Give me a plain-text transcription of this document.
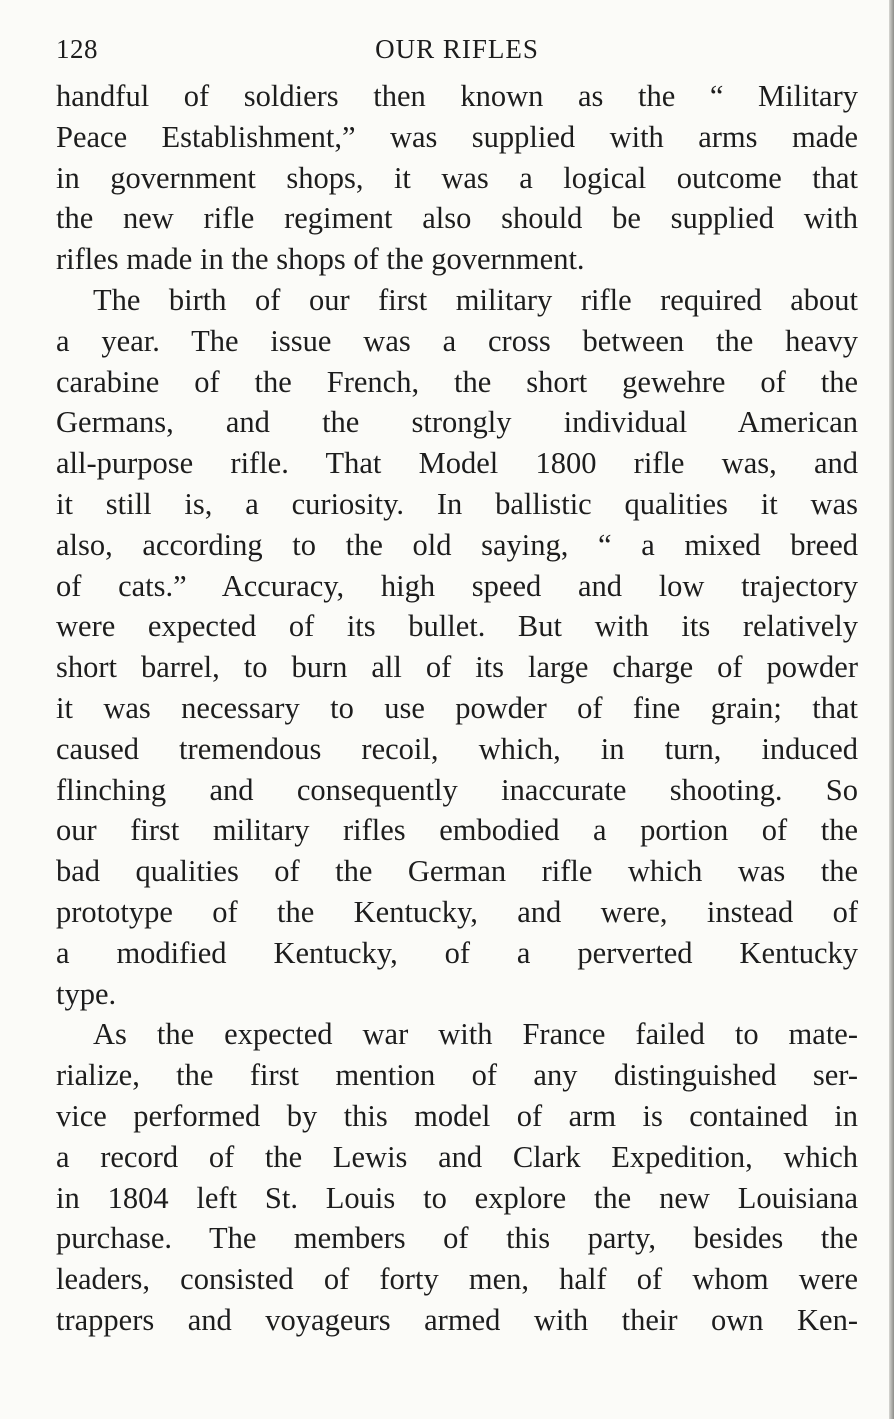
128	OUR RIFLES
handful of soldiers then known as the “ Military
Peace Establishment,” was supplied with arms made
in government shops, it was a logical outcome that
the new rifle regiment also should be supplied with
rifles made in the shops of the government.
The birth of our first military rifle required about
a year. The issue was a cross between the heavy
carabine of the French, the short gewehre of the
Germans, and the strongly individual American
all-purpose rifle. That Model 1800 rifle was, and
it still is, a curiosity. In ballistic qualities it was
also, according to the old saying, “ a mixed breed
of cats.” Accuracy, high speed and low trajectory
were expected of its bullet. But with its relatively
short barrel, to burn all of its large charge of powder
it was necessary to use powder of fine grain; that
caused tremendous recoil, which, in turn, induced
flinching and consequently inaccurate shooting. So
our first military rifles embodied a portion of the
bad qualities of the German rifle which was the
prototype of the Kentucky, and were, instead of
a modified Kentucky, of a perverted Kentucky
type.
As the expected war with France failed to mate-
rialize, the first mention of any distinguished ser-
vice performed by this model of arm is contained in
a record of the Lewis and Clark Expedition, which
in 1804 left St. Louis to explore the new Louisiana
purchase. The members of this party, besides the
leaders, consisted of forty men, half of whom were
trappers and voyageurs armed with their own Ken-
